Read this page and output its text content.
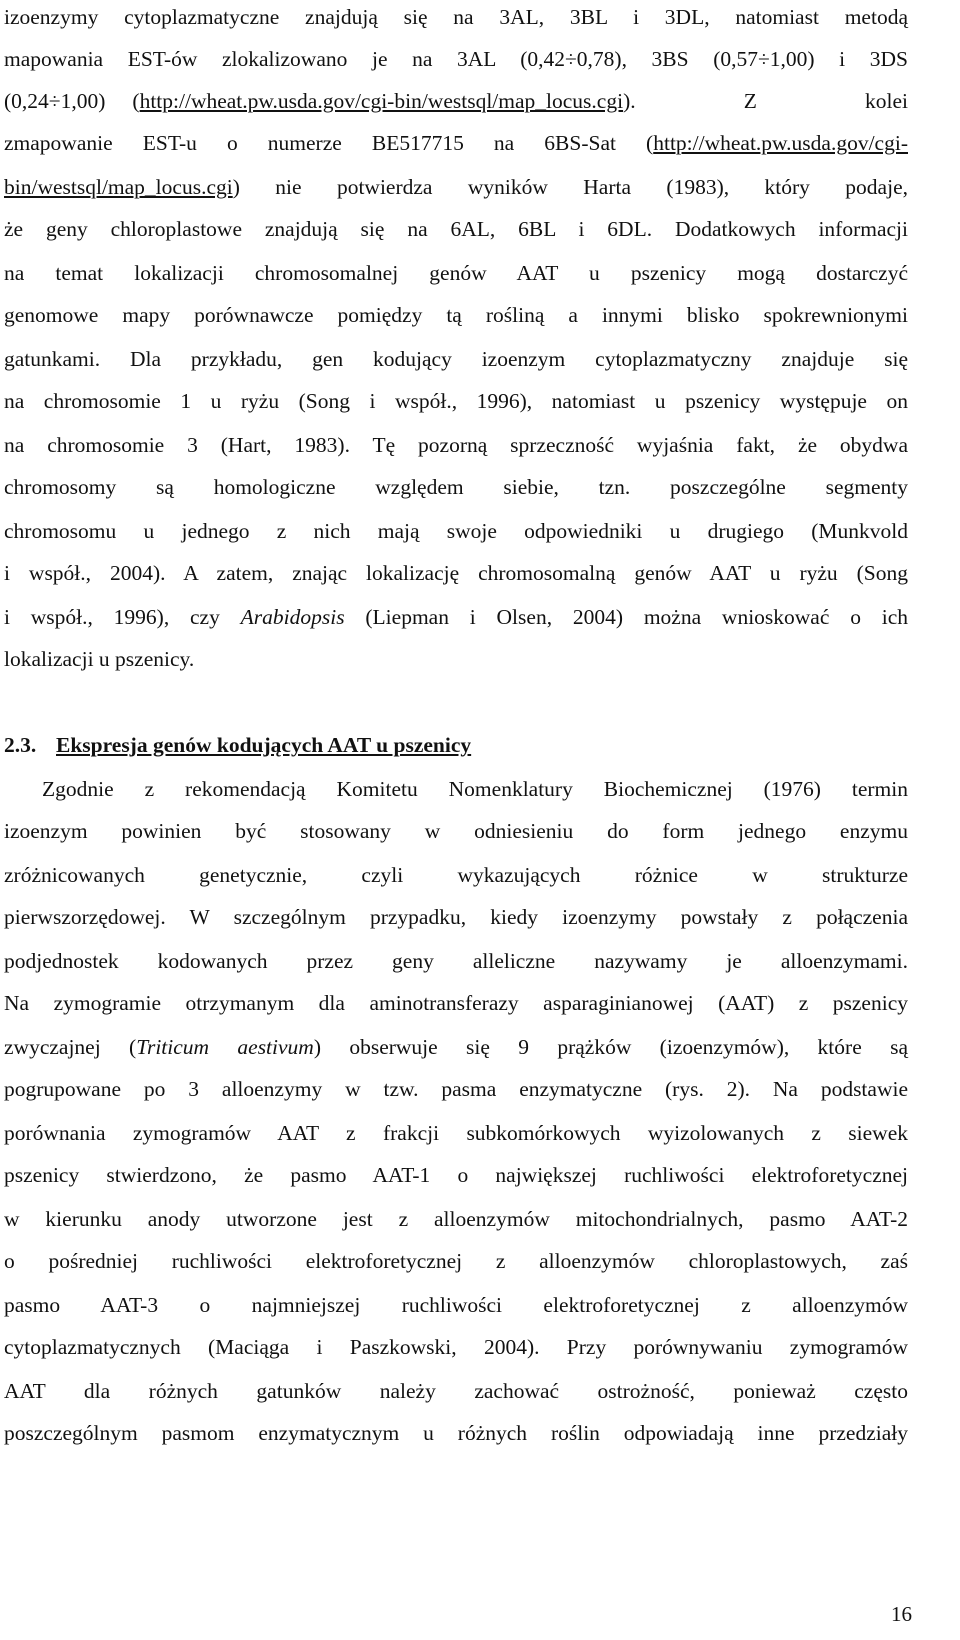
izoenzymy cytoplazmatyczne znajdują się na 3AL, 3BL i 3DL, natomiast metodą
mapowania EST-ów zlokalizowano je na 3AL (0,42÷0,78), 3BS (0,57÷1,00) i 3DS
(0,24÷1,00) (http://wheat.pw.usda.gov/cgi-bin/westsql/map_locus.cgi).    Z    kolei
zmapowanie EST-u o numerze BE517715 na 6BS-Sat (http://wheat.pw.usda.gov/cgi-
bin/westsql/map_locus.cgi) nie potwierdza wyników Harta (1983), który podaje,
że geny chloroplastowe znajdują się na 6AL, 6BL i 6DL. Dodatkowych informacji
na temat lokalizacji chromosomalnej genów AAT u pszenicy mogą dostarczyć
genomowe mapy porównawcze pomiędzy tą rośliną a innymi blisko spokrewnionymi
gatunkami. Dla przykładu, gen kodujący izoenzym cytoplazmatyczny znajduje się
na chromosomie 1 u ryżu (Song i współ., 1996), natomiast u pszenicy występuje on
na chromosomie 3 (Hart, 1983). Tę pozorną sprzeczność wyjaśnia fakt, że obydwa
chromosomy są homologiczne względem siebie, tzn. poszczególne segmenty
chromosomu u jednego z nich mają swoje odpowiedniki u drugiego (Munkvold
i współ., 2004). A zatem, znając lokalizację chromosomalną genów AAT u ryżu (Song
i współ., 1996), czy Arabidopsis (Liepman i Olsen, 2004) można wnioskować o ich
lokalizacji u pszenicy.
2.3. Ekspresja genów kodujących AAT u pszenicy
Zgodnie z rekomendacją Komitetu Nomenklatury Biochemicznej (1976) termin
izoenzym powinien być stosowany w odniesieniu do form jednego enzymu
zróżnicowanych genetycznie, czyli wykazujących różnice w strukturze
pierwszorzędowej. W szczególnym przypadku, kiedy izoenzymy powstały z połączenia
podjednostek kodowanych przez geny alleliczne nazywamy je alloenzymami.
Na zymogramie otrzymanym dla aminotransferazy asparaginianowej (AAT) z pszenicy
zwyczajnej (Triticum aestivum) obserwuje się 9 prążków (izoenzymów), które są
pogrupowane po 3 alloenzymy w tzw. pasma enzymatyczne (rys. 2). Na podstawie
porównania zymogramów AAT z frakcji subkomórkowych wyizolowanych z siewek
pszenicy stwierdzono, że pasmo AAT-1 o największej ruchliwości elektroforetycznej
w kierunku anody utworzone jest z alloenzymów mitochondrialnych, pasmo AAT-2
o pośredniej ruchliwości elektroforetycznej z alloenzymów chloroplastowych, zaś
pasmo AAT-3 o najmniejszej ruchliwości elektroforetycznej z alloenzymów
cytoplazmatycznych (Maciąga i Paszkowski, 2004). Przy porównywaniu zymogramów
AAT dla różnych gatunków należy zachować ostrożność, ponieważ często
poszczególnym pasmom enzymatycznym u różnych roślin odpowiadają inne przedziały
16
